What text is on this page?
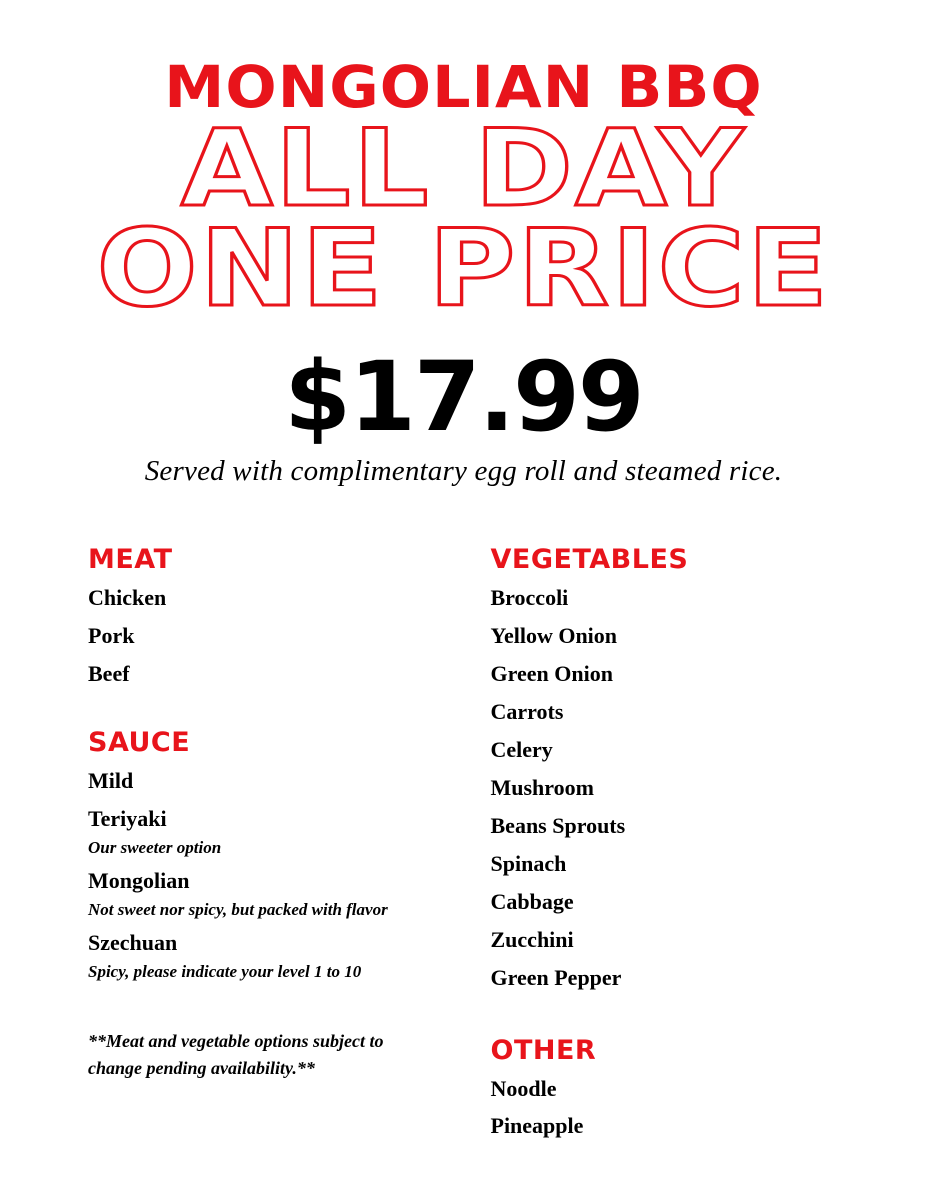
MONGOLIAN BBQ
ALL DAY
ONE PRICE
$17.99
Served with complimentary egg roll and steamed rice.
MEAT
Chicken
Pork
Beef
SAUCE
Mild
Teriyaki
Our sweeter option
Mongolian
Not sweet nor spicy, but packed with flavor
Szechuan
Spicy, please indicate your level 1 to 10
**Meat and vegetable options subject to change pending availability.**
VEGETABLES
Broccoli
Yellow Onion
Green Onion
Carrots
Celery
Mushroom
Beans Sprouts
Spinach
Cabbage
Zucchini
Green Pepper
OTHER
Noodle
Pineapple
